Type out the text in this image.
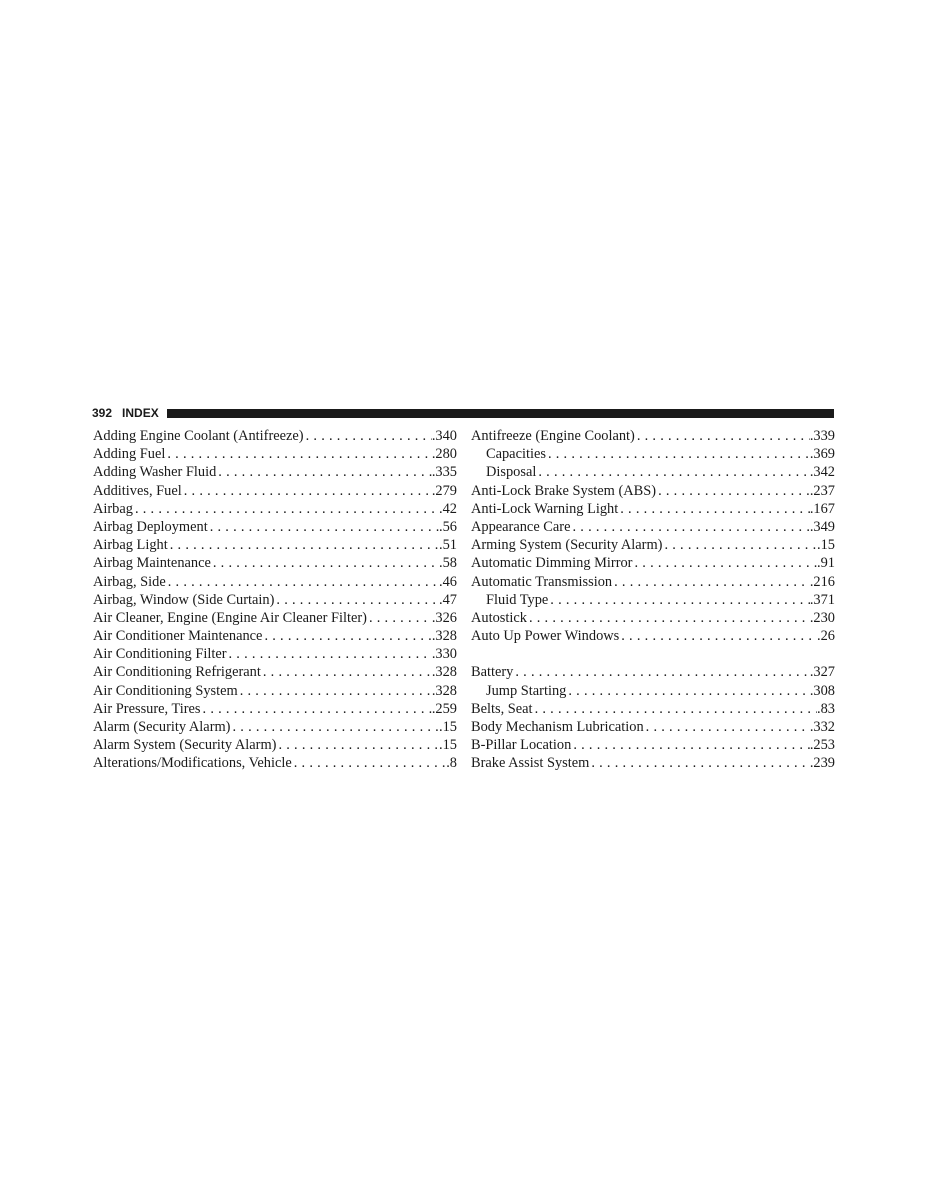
392 INDEX
Adding Engine Coolant (Antifreeze) . . .	.340
Adding Fuel . . .	.280
Adding Washer Fluid . . .	.335
Additives, Fuel . . .	.279
Airbag . . .	.42
Airbag Deployment . . .	.56
Airbag Light . . .	.51
Airbag Maintenance . . .	.58
Airbag, Side . . .	.46
Airbag, Window (Side Curtain) . . .	.47
Air Cleaner, Engine (Engine Air Cleaner Filter) . . .	.326
Air Conditioner Maintenance . . .	.328
Air Conditioning Filter . . .	.330
Air Conditioning Refrigerant . . .	.328
Air Conditioning System . . .	.328
Air Pressure, Tires . . .	.259
Alarm (Security Alarm) . . .	.15
Alarm System (Security Alarm) . . .	.15
Alterations/Modifications, Vehicle . . .	.8
Antifreeze (Engine Coolant) . . .	.339
Capacities . . .	.369
Disposal . . .	.342
Anti-Lock Brake System (ABS) . . .	.237
Anti-Lock Warning Light . . .	.167
Appearance Care . . .	.349
Arming System (Security Alarm) . . .	.15
Automatic Dimming Mirror . . .	.91
Automatic Transmission . . .	.216
Fluid Type . . .	.371
Autostick . . .	.230
Auto Up Power Windows . . .	.26
Battery . . .	.327
Jump Starting . . .	.308
Belts, Seat . . .	.83
Body Mechanism Lubrication . . .	.332
B-Pillar Location . . .	.253
Brake Assist System . . .	.239
